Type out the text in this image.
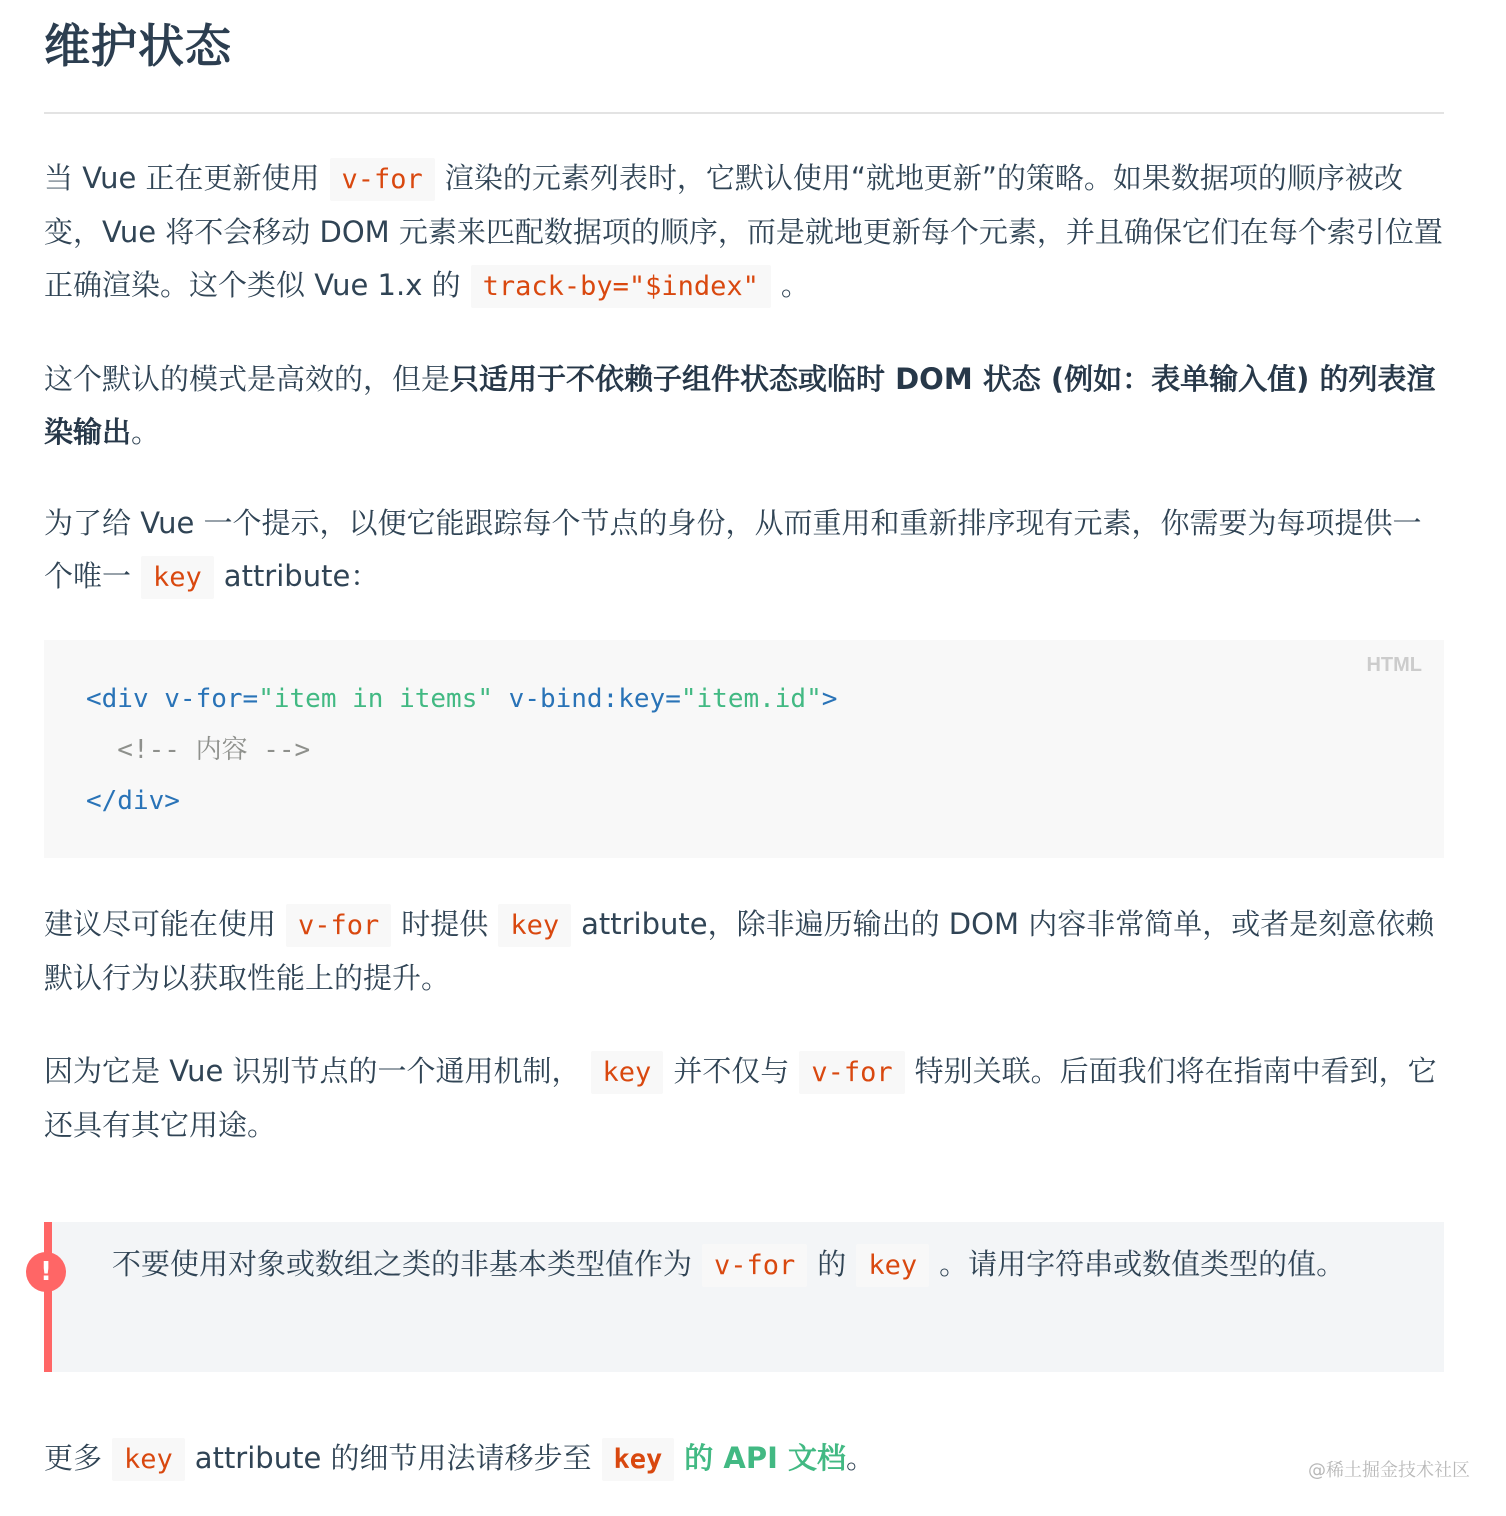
维护状态

当 Vue 正在更新使用 v-for 渲染的元素列表时，它默认使用“就地更新”的策略。如果数据项的顺序被改变，Vue 将不会移动 DOM 元素来匹配数据项的顺序，而是就地更新每个元素，并且确保它们在每个索引位置正确渲染。这个类似 Vue 1.x 的 track-by="$index" 。

这个默认的模式是高效的，但是只适用于不依赖子组件状态或临时 DOM 状态 (例如：表单输入值) 的列表渲染输出。

为了给 Vue 一个提示，以便它能跟踪每个节点的身份，从而重用和重新排序现有元素，你需要为每项提供一个唯一 key attribute：

HTML
<div v-for="item in items" v-bind:key="item.id">
<!-- 内容 -->
</div>

建议尽可能在使用 v-for 时提供 key attribute，除非遍历输出的 DOM 内容非常简单，或者是刻意依赖默认行为以获取性能上的提升。

因为它是 Vue 识别节点的一个通用机制， key 并不仅与 v-for 特别关联。后面我们将在指南中看到，它还具有其它用途。

!	不要使用对象或数组之类的非基本类型值作为 v-for 的 key 。请用字符串或数值类型的值。

更多 key attribute 的细节用法请移步至 key 的 API 文档。	@稀土掘金技术社区
